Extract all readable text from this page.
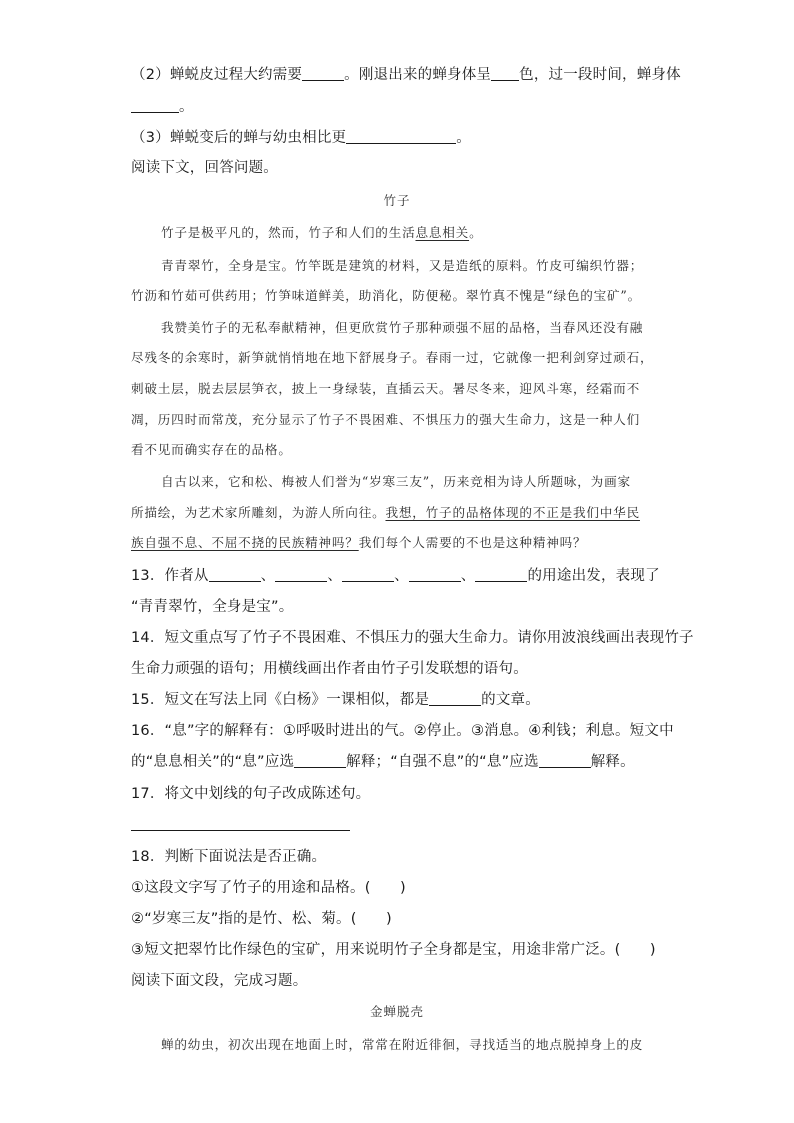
（2）蝉蜕皮过程大约需要	。刚退出来的蝉身体呈 色，过一段时间，蝉身体
。
（3）蝉蜕变后的蝉与幼虫相比更	。
阅读下文，回答问题。
竹子
竹子是极平凡的，然而，竹子和人们的生活息息相关。
青青翠竹，全身是宝。竹竿既是建筑的材料，又是造纸的原料。竹皮可编织竹器；
竹沥和竹茹可供药用；竹笋味道鲜美，助消化，防便秘。翠竹真不愧是“绿色的宝矿”。
我赞美竹子的无私奉献精神，但更欣赏竹子那种顽强不屈的品格，当春风还没有融
尽残冬的余寒时，新笋就悄悄地在地下舒展身子。春雨一过，它就像一把利剑穿过顽石，
刺破土层，脱去层层笋衣，披上一身绿装，直插云天。暑尽冬来，迎风斗寒，经霜而不
凋，历四时而常茂，充分显示了竹子不畏困难、不惧压力的强大生命力，这是一种人们
看不见而确实存在的品格。
自古以来，它和松、梅被人们誉为“岁寒三友”，历来竞相为诗人所题咏，为画家
所描绘，为艺术家所雕刻，为游人所向往。我想，竹子的品格体现的不正是我们中华民
族自强不息、不屈不挠的民族精神吗？我们每个人需要的不也是这种精神吗？
13．作者从	、	、	、	、	的用途出发，表现了
“青青翠竹，全身是宝”。
14．短文重点写了竹子不畏困难、不惧压力的强大生命力。请你用波浪线画出表现竹子
生命力顽强的语句；用横线画出作者由竹子引发联想的语句。
15．短文在写法上同《白杨》一课相似，都是	的文章。
16．“息”字的解释有：①呼吸时进出的气。②停止。③消息。④利钱；利息。短文中
的“息息相关”的“息”应选	解释；“自强不息”的“息”应选	解释。
17．将文中划线的句子改成陈述句。
18．判断下面说法是否正确。
①这段文字写了竹子的用途和品格。(　　)
②“岁寒三友”指的是竹、松、菊。(　　)
③短文把翠竹比作绿色的宝矿，用来说明竹子全身都是宝，用途非常广泛。(　　)
阅读下面文段，完成习题。
金蝉脱壳
蝉的幼虫，初次出现在地面上时，常常在附近徘徊，寻找适当的地点脱掉身上的皮
